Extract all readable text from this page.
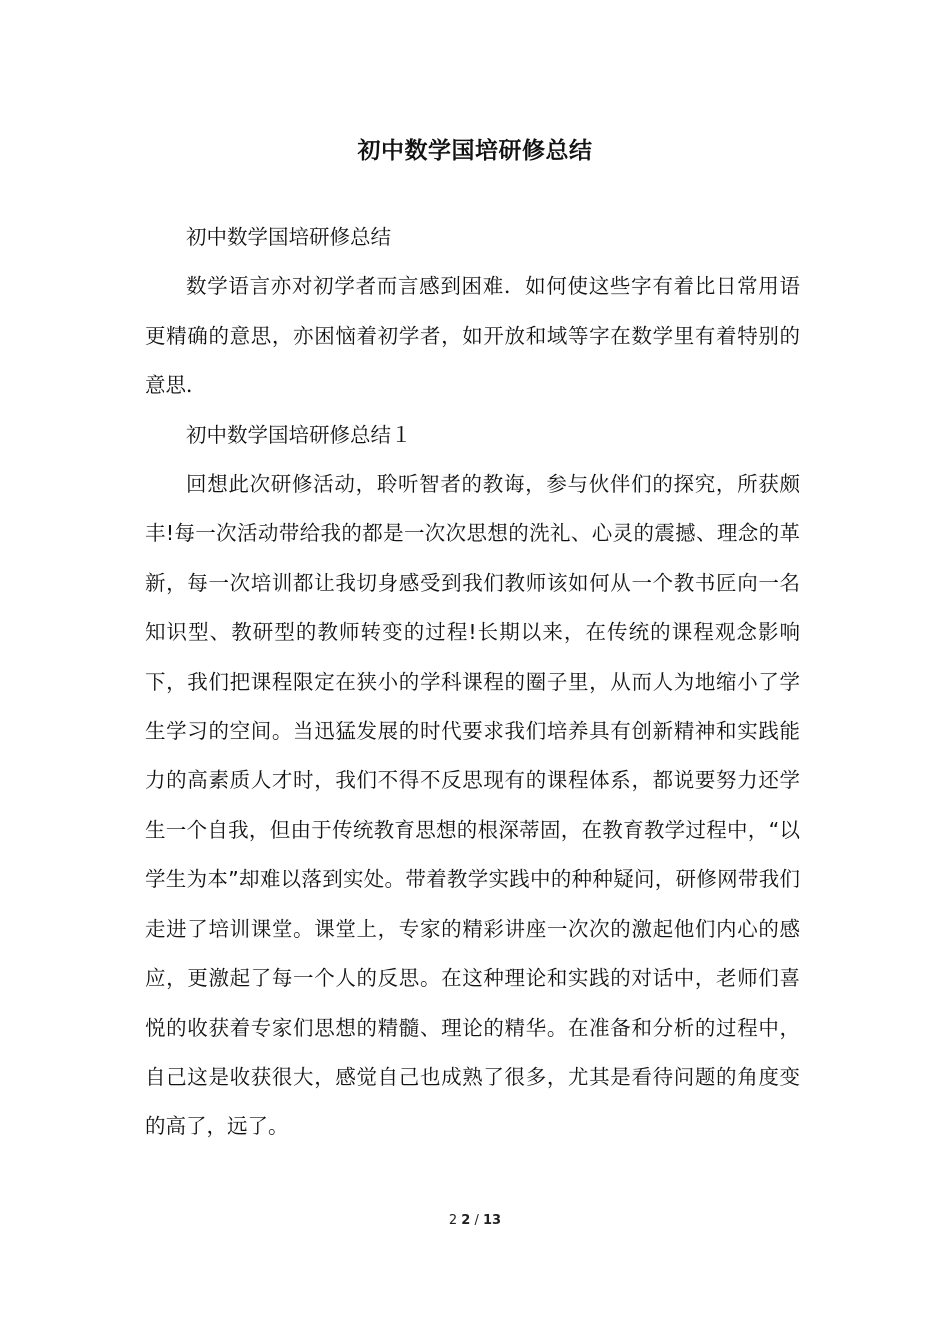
初中数学国培研修总结

初中数学国培研修总结

数学语言亦对初学者而言感到困难．如何使这些字有着比日常用语更精确的意思，亦困恼着初学者，如开放和域等字在数学里有着特别的意思．

初中数学国培研修总结１

回想此次研修活动，聆听智者的教诲，参与伙伴们的探究，所获颇丰!每一次活动带给我的都是一次次思想的洗礼、心灵的震撼、理念的革新，每一次培训都让我切身感受到我们教师该如何从一个教书匠向一名知识型、教研型的教师转变的过程!长期以来，在传统的课程观念影响下，我们把课程限定在狭小的学科课程的圈子里，从而人为地缩小了学生学习的空间。当迅猛发展的时代要求我们培养具有创新精神和实践能力的高素质人才时，我们不得不反思现有的课程体系，都说要努力还学生一个自我，但由于传统教育思想的根深蒂固，在教育教学过程中，“以学生为本”却难以落到实处。带着教学实践中的种种疑问，研修网带我们走进了培训课堂。课堂上，专家的精彩讲座一次次的激起他们内心的感应，更激起了每一个人的反思。在这种理论和实践的对话中，老师们喜悦的收获着专家们思想的精髓、理论的精华。在准备和分析的过程中，自己这是收获很大，感觉自己也成熟了很多，尤其是看待问题的角度变的高了，远了。

2 2 / 13
